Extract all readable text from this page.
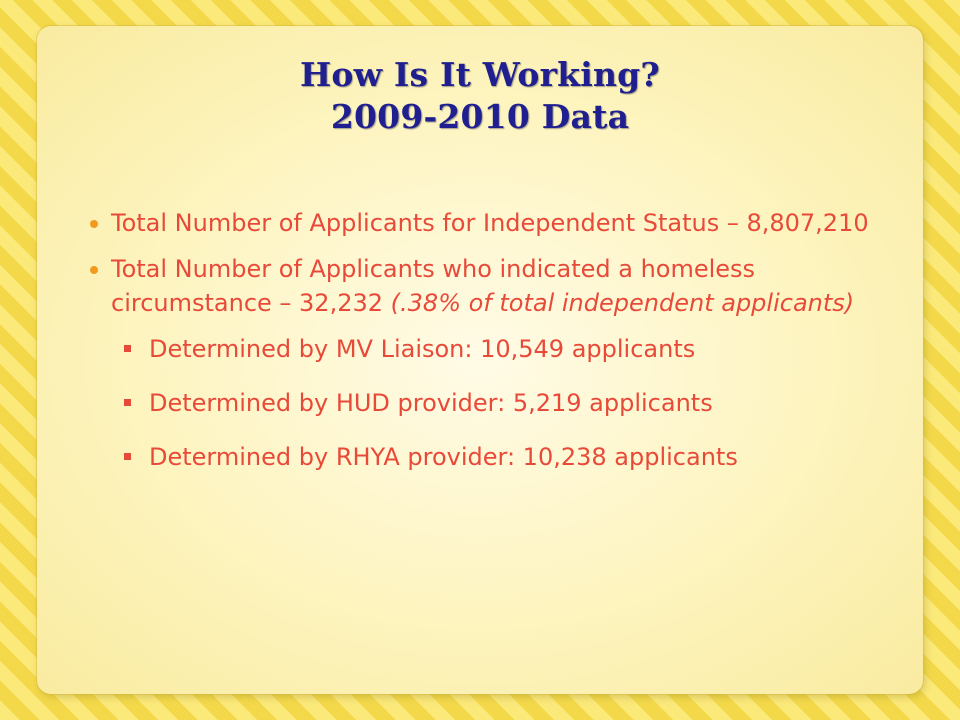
How Is It Working?
2009-2010 Data
Total Number of Applicants for Independent Status – 8,807,210
Total Number of Applicants who indicated a homeless circumstance – 32,232 (.38% of total independent applicants)
Determined by MV Liaison: 10,549 applicants
Determined by HUD provider: 5,219 applicants
Determined by RHYA provider: 10,238 applicants
